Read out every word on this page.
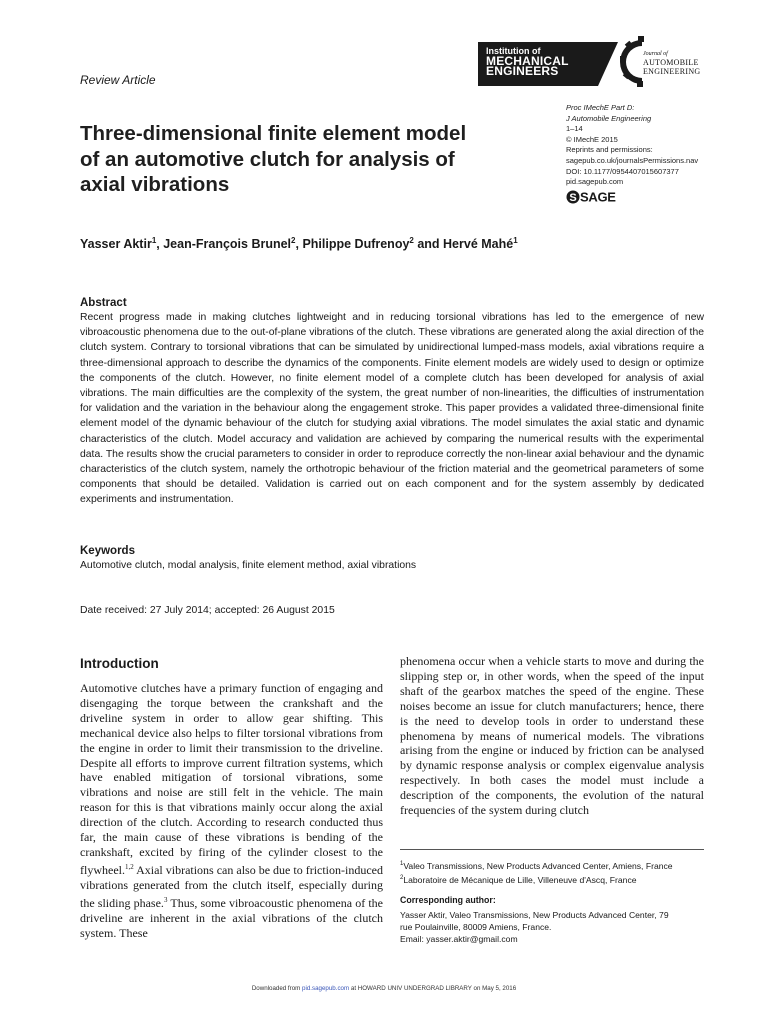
Review Article
Institution of
MECHANICAL
ENGINEERS
Journal of
AUTOMOBILE
ENGINEERING
Three-dimensional finite element model of an automotive clutch for analysis of axial vibrations
Proc IMechE Part D:
J Automobile Engineering
1–14
© IMechE 2015
Reprints and permissions:
sagepub.co.uk/journalsPermissions.nav
DOI: 10.1177/0954407015607377
pid.sagepub.com
S SAGE
Yasser Aktir$^1$, Jean-François Brunel$^2$, Philippe Dufrenoy$^2$ and Hervé Mahé$^1$
Abstract
Recent progress made in making clutches lightweight and in reducing torsional vibrations has led to the emergence of new vibroacoustic phenomena due to the out-of-plane vibrations of the clutch. These vibrations are generated along the axial direction of the clutch system. Contrary to torsional vibrations that can be simulated by unidirectional lumped-mass models, axial vibrations require a three-dimensional approach to describe the dynamics of the components. Finite element models are widely used to design or optimize the components of the clutch. However, no finite element model of a complete clutch has been developed for analysis of axial vibrations. The main difficulties are the complexity of the system, the great number of non-linearities, the difficulties of instrumentation for validation and the variation in the behaviour along the engagement stroke. This paper provides a validated three-dimensional finite element model of the dynamic behaviour of the clutch for studying axial vibrations. The model simulates the axial static and dynamic characteristics of the clutch. Model accuracy and validation are achieved by comparing the numerical results with the experimental data. The results show the crucial parameters to consider in order to reproduce correctly the non-linear axial behaviour and the dynamic characteristics of the clutch system, namely the orthotropic behaviour of the friction material and the geometrical parameters of some components that should be detailed. Validation is carried out on each component and for the system assembly by dedicated experiments and instrumentation.
Keywords
Automotive clutch, modal analysis, finite element method, axial vibrations
Date received: 27 July 2014; accepted: 26 August 2015
Introduction
Automotive clutches have a primary function of engaging and disengaging the torque between the crankshaft and the driveline system in order to allow gear shifting. This mechanical device also helps to filter torsional vibrations from the engine in order to limit their transmission to the driveline. Despite all efforts to improve current filtration systems, which have enabled mitigation of torsional vibrations, some vibrations and noise are still felt in the vehicle. The main reason for this is that vibrations mainly occur along the axial direction of the clutch. According to research conducted thus far, the main cause of these vibrations is bending of the crankshaft, excited by firing of the cylinder closest to the flywheel.$^{1,2}$ Axial vibrations can also be due to friction-induced vibrations generated from the clutch itself, especially during the sliding phase.$^3$ Thus, some vibroacoustic phenomena of the driveline are inherent in the axial vibrations of the clutch system. These
phenomena occur when a vehicle starts to move and during the slipping step or, in other words, when the speed of the input shaft of the gearbox matches the speed of the engine. These noises become an issue for clutch manufacturers; hence, there is the need to develop tools in order to understand these phenomena by means of numerical models. The vibrations arising from the engine or induced by friction can be analysed by dynamic response analysis or complex eigenvalue analysis respectively. In both cases the model must include a description of the components, the evolution of the natural frequencies of the system during clutch
$^1$Valeo Transmissions, New Products Advanced Center, Amiens, France
$^2$Laboratoire de Mécanique de Lille, Villeneuve d'Ascq, France
Corresponding author:
Yasser Aktir, Valeo Transmissions, New Products Advanced Center, 79
rue Poulainville, 80009 Amiens, France.
Email: yasser.aktir@gmail.com
Downloaded from pid.sagepub.com at HOWARD UNIV UNDERGRAD LIBRARY on May 5, 2016
